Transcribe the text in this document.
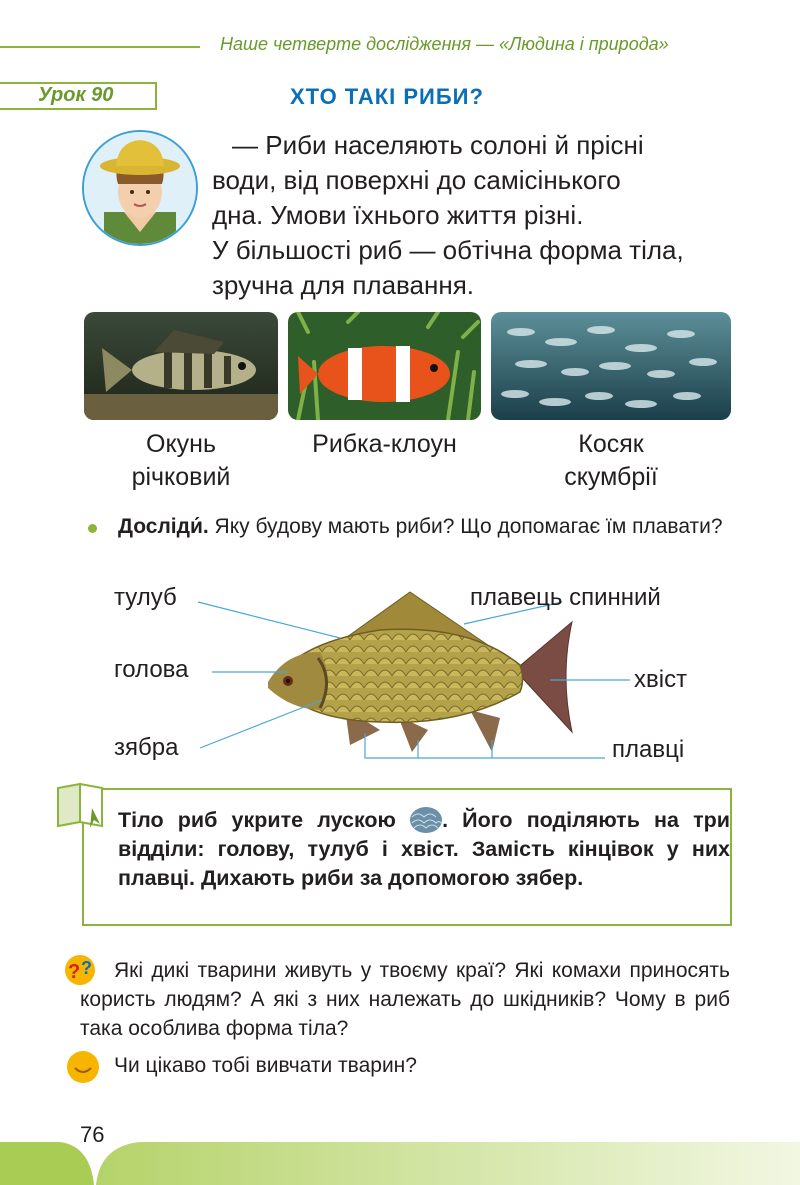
Наше четверте дослідження — «Людина і природа»
Урок 90	ХТО ТАКІ РИБИ?
— Риби населяють солоні й прісні
води, від поверхні до самісінького
дна. Умови їхнього життя різні.
У більшості риб — обтічна форма тіла,
зручна для плавання.
Окунь
річковий
Рибка-клоун	Косяк
скумбрії
Досліди́. Яку будову мають риби? Що допомагає їм плавати?
тулуб
голова
зябра
плавець спинний
хвіст
плавці
Тіло риб укрите лускою . Його поділяють на три відділи: голову, тулуб і хвіст. Замість кінцівок у них плавці. Дихають риби за допомогою зябер.
? ?	Які дикі тварини живуть у твоєму краї? Які комахи приносять користь людям? А які з них належать до шкідників? Чому в риб така особлива форма тіла?
Чи цікаво тобі вивчати тварин?
76
